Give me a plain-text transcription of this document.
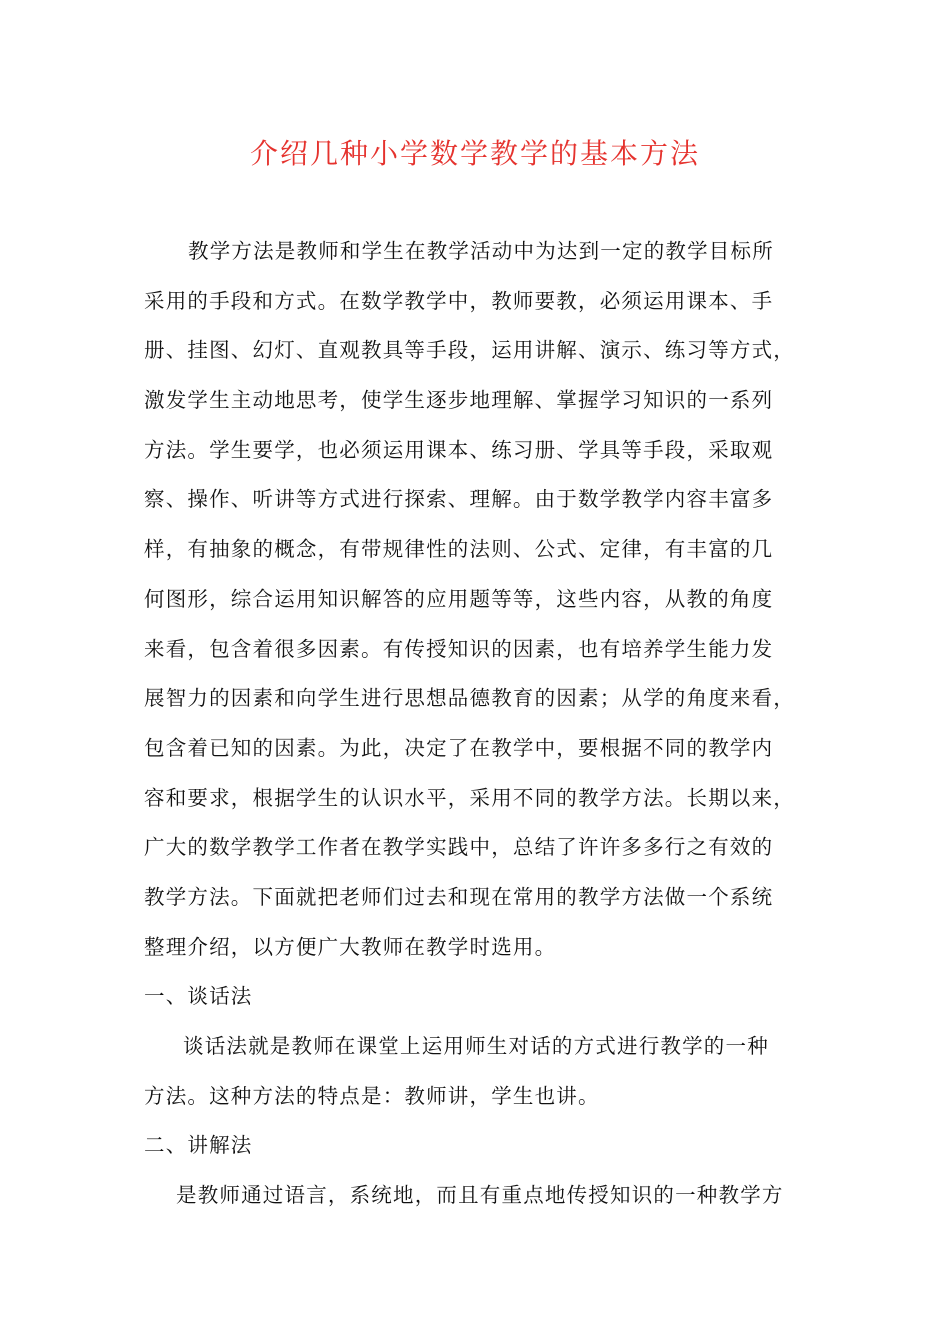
介绍几种小学数学教学的基本方法
教学方法是教师和学生在教学活动中为达到一定的教学目标所
采用的手段和方式。在数学教学中，教师要教，必须运用课本、手
册、挂图、幻灯、直观教具等手段，运用讲解、演示、练习等方式，
激发学生主动地思考，使学生逐步地理解、掌握学习知识的一系列
方法。学生要学，也必须运用课本、练习册、学具等手段，采取观
察、操作、听讲等方式进行探索、理解。由于数学教学内容丰富多
样，有抽象的概念，有带规律性的法则、公式、定律，有丰富的几
何图形，综合运用知识解答的应用题等等，这些内容，从教的角度
来看，包含着很多因素。有传授知识的因素，也有培养学生能力发
展智力的因素和向学生进行思想品德教育的因素；从学的角度来看，
包含着已知的因素。为此，决定了在教学中，要根据不同的教学内
容和要求，根据学生的认识水平，采用不同的教学方法。长期以来，
广大的数学教学工作者在教学实践中，总结了许许多多行之有效的
教学方法。下面就把老师们过去和现在常用的教学方法做一个系统
整理介绍，以方便广大教师在教学时选用。
一、谈话法
谈话法就是教师在课堂上运用师生对话的方式进行教学的一种
方法。这种方法的特点是：教师讲，学生也讲。
二、讲解法
是教师通过语言，系统地，而且有重点地传授知识的一种教学方
